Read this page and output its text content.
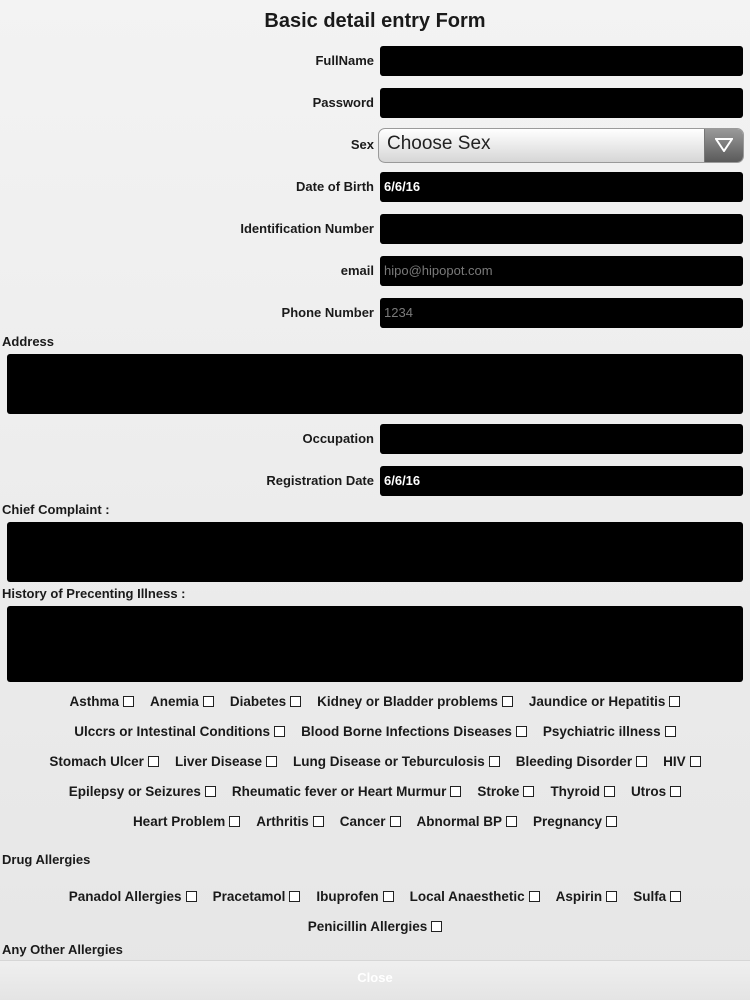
Basic detail entry Form
FullName
Password
Sex Choose Sex
Date of Birth
6/6/16
Identification Number
email
hipo@hipopot.com
Phone Number
1234
Address
Occupation
Registration Date
6/6/16
Chief Complaint :
History of Precenting Illness :
Asthma Anemia Diabetes Kidney or Bladder problems Jaundice or Hepatitis
Ulccrs or Intestinal Conditions Blood Borne Infections Diseases Psychiatric illness
Stomach Ulcer Liver Disease Lung Disease or Teburculosis Bleeding Disorder HIV
Epilepsy or Seizures Rheumatic fever or Heart Murmur Stroke Thyroid Utros
Heart Problem Arthritis Cancer Abnormal BP Pregnancy
Drug Allergies
Panadol Allergies Pracetamol Ibuprofen Local Anaesthetic Aspirin Sulfa
Penicillin Allergies
Any Other Allergies
Close
